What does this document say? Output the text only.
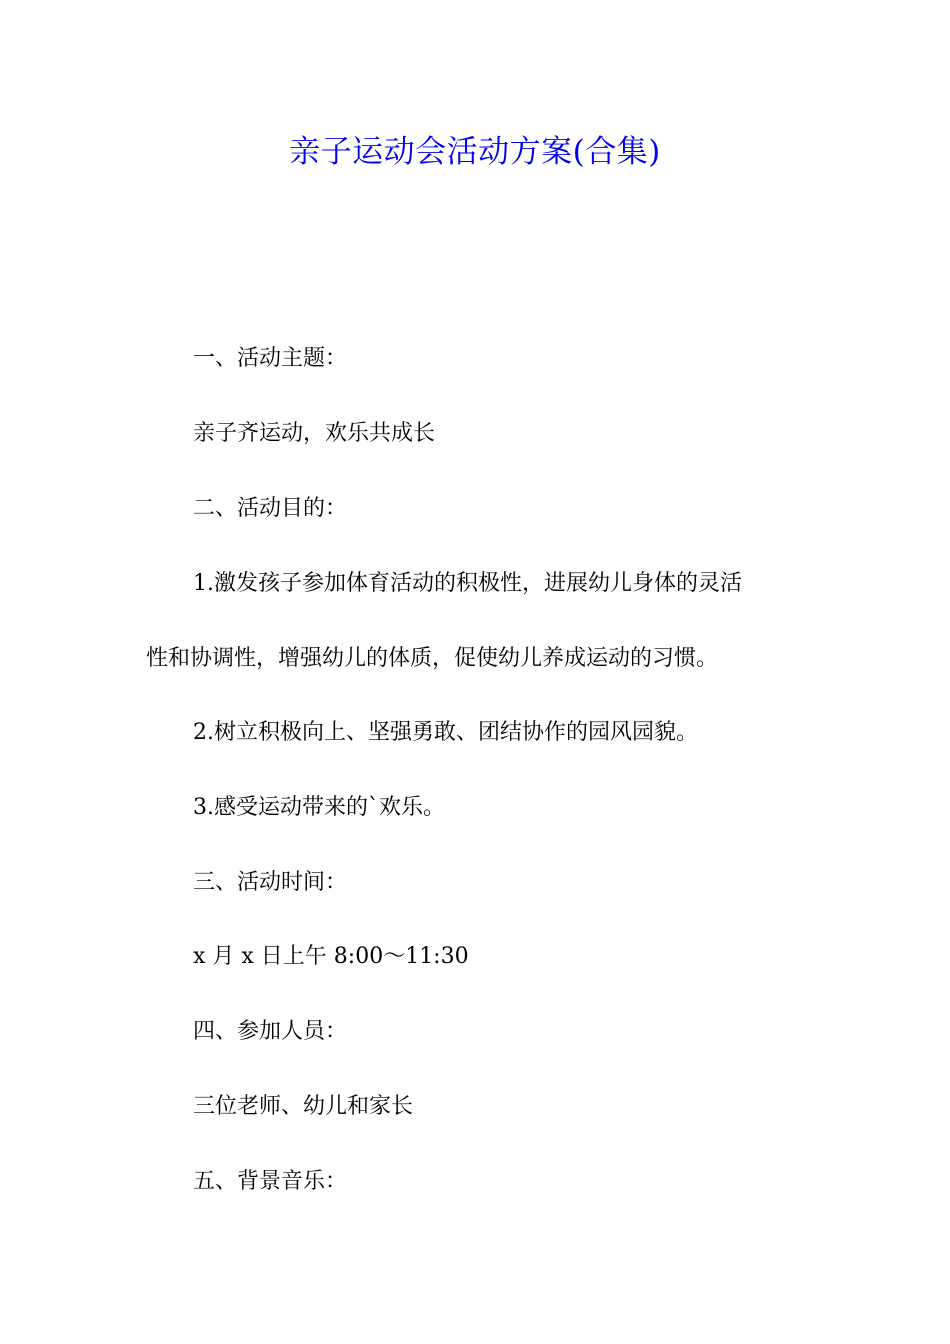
亲子运动会活动方案(合集)

一、活动主题：

亲子齐运动，欢乐共成长

二、活动目的：

1.激发孩子参加体育活动的积极性，进展幼儿身体的灵活

性和协调性，增强幼儿的体质，促使幼儿养成运动的习惯。

2.树立积极向上、坚强勇敢、团结协作的园风园貌。

3.感受运动带来的`欢乐。

三、活动时间：

x 月 x 日上午 8:00～11:30

四、参加人员：

三位老师、幼儿和家长

五、背景音乐：
